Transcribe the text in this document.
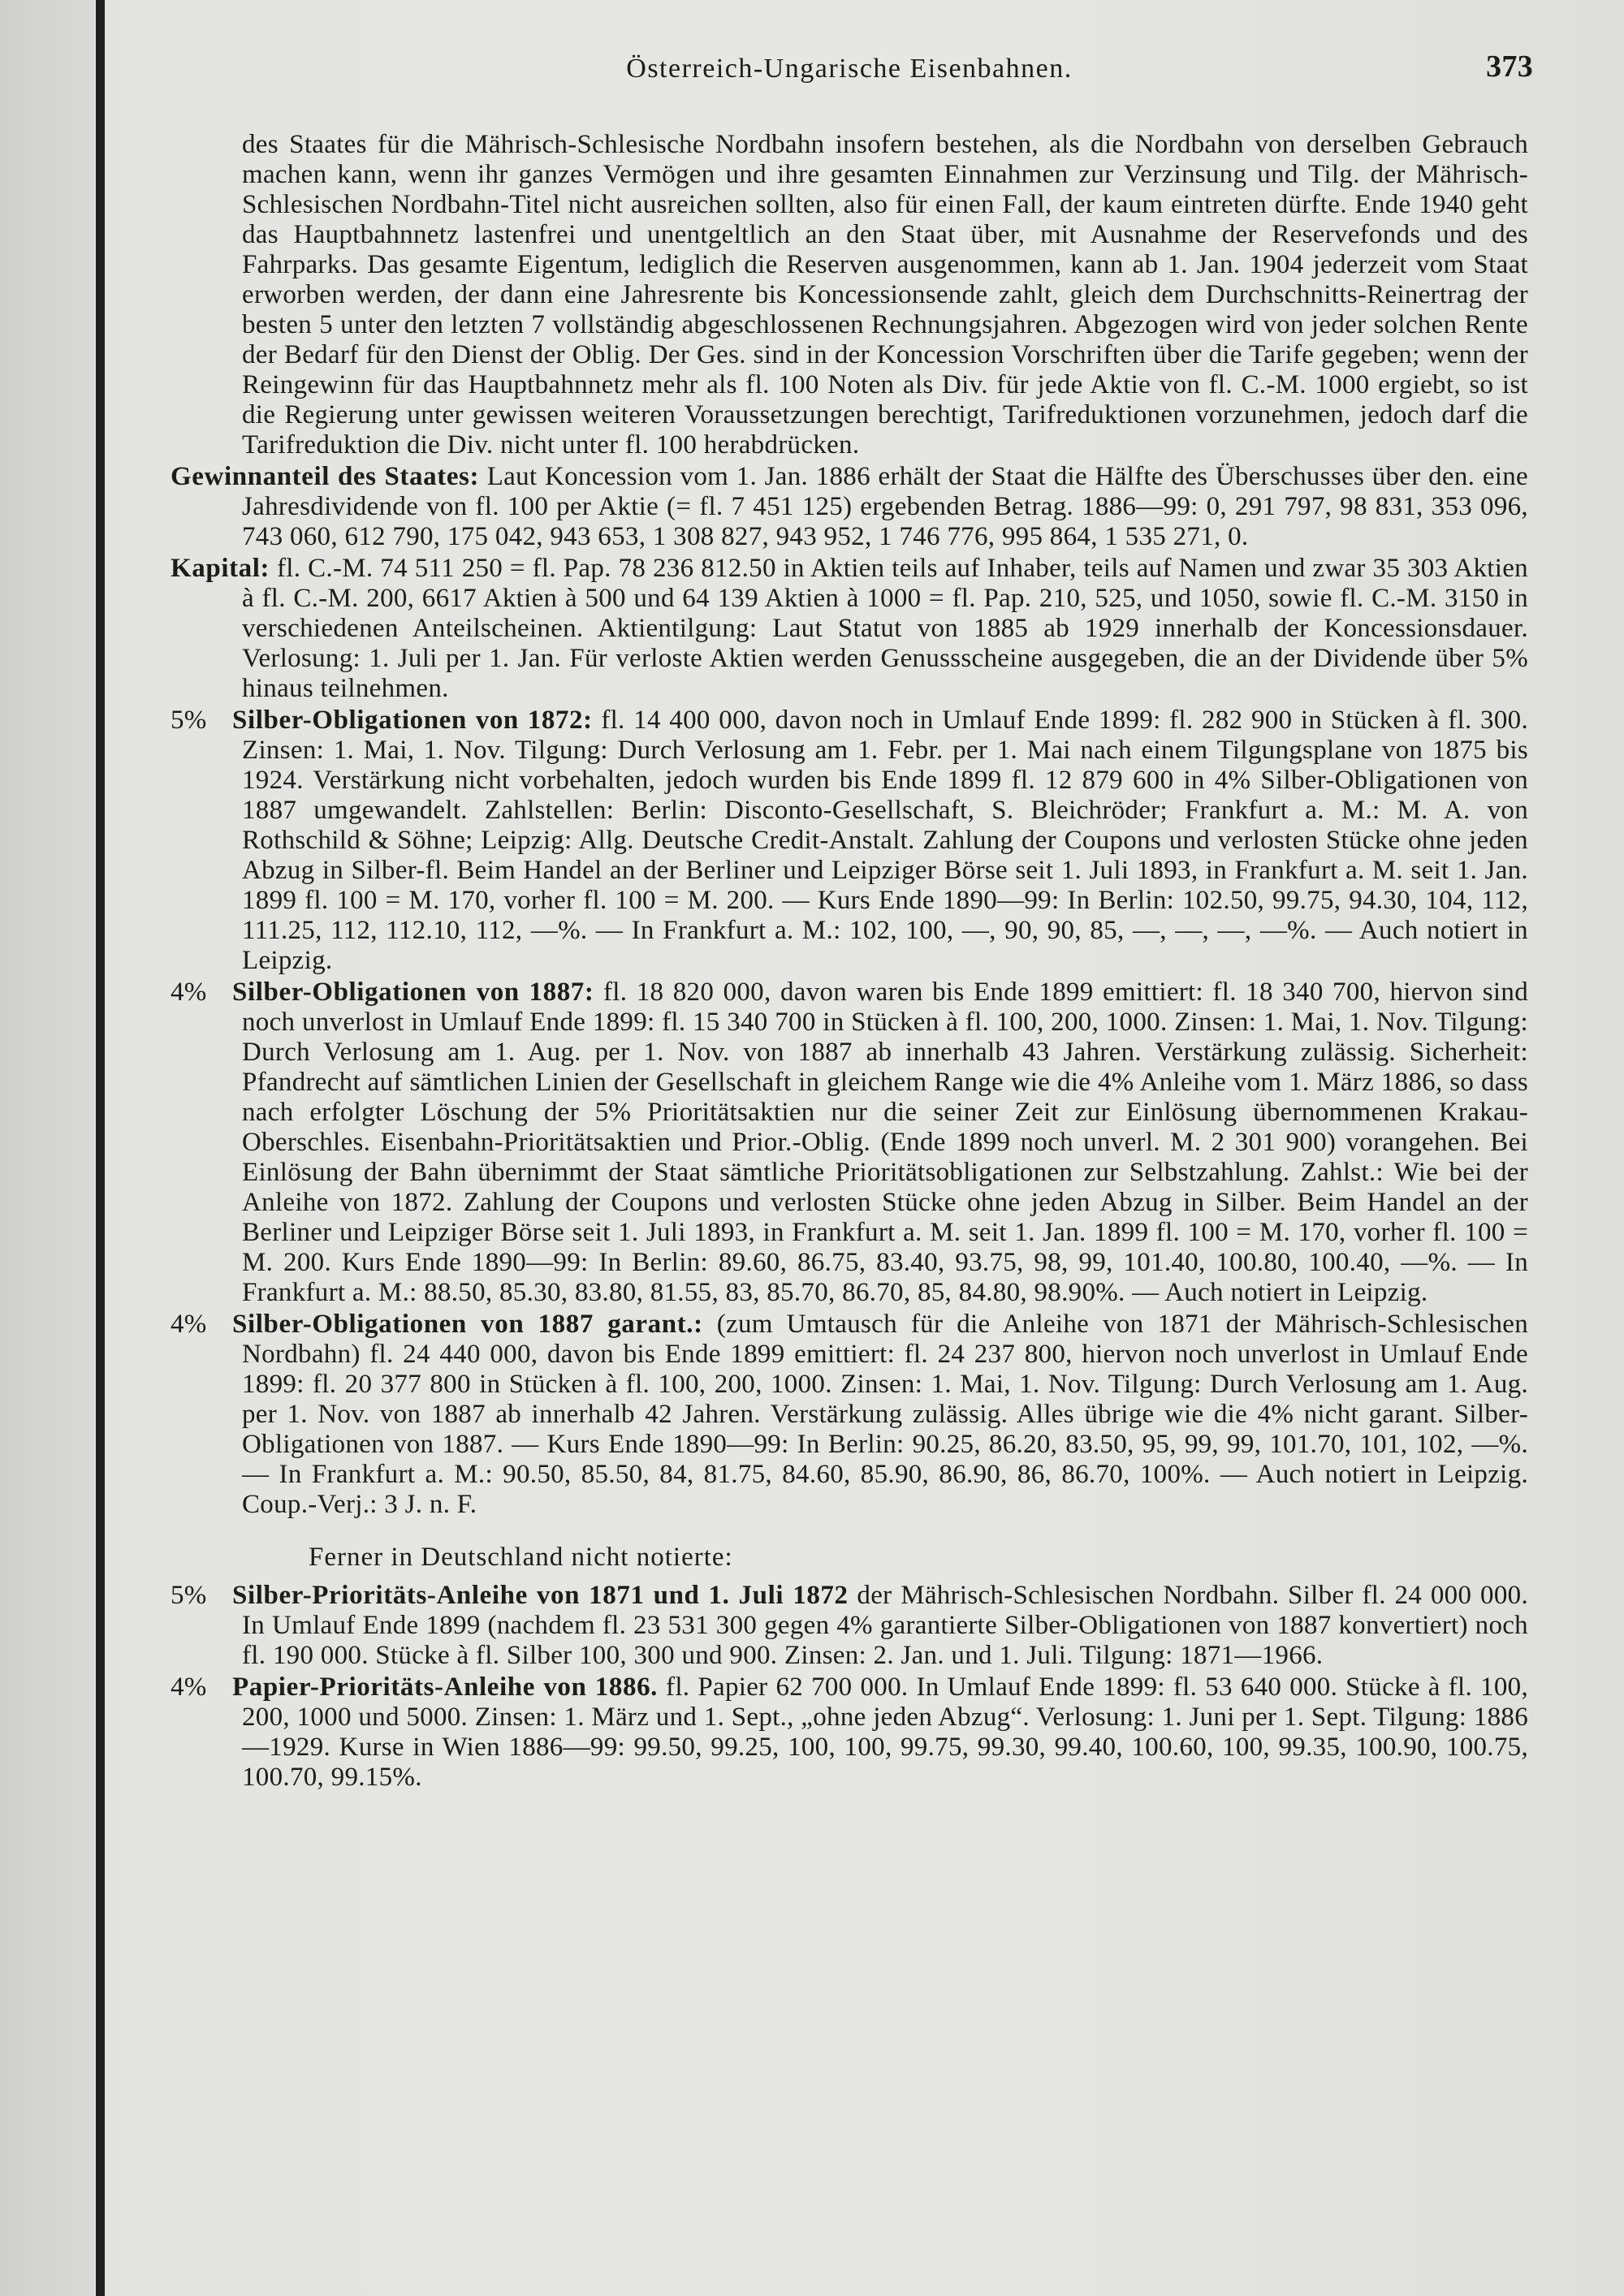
Österreich-Ungarische Eisenbahnen.	373

des Staates für die Mährisch-Schlesische Nordbahn insofern bestehen, als die Nordbahn von derselben Gebrauch machen kann, wenn ihr ganzes Vermögen und ihre gesamten Einnahmen zur Verzinsung und Tilg. der Mährisch-Schlesischen Nordbahn-Titel nicht ausreichen sollten, also für einen Fall, der kaum eintreten dürfte. Ende 1940 geht das Hauptbahnnetz lastenfrei und unentgeltlich an den Staat über, mit Ausnahme der Reservefonds und des Fahrparks. Das gesamte Eigentum, lediglich die Reserven ausgenommen, kann ab 1. Jan. 1904 jederzeit vom Staat erworben werden, der dann eine Jahresrente bis Koncessionsende zahlt, gleich dem Durchschnitts-Reinertrag der besten 5 unter den letzten 7 vollständig abgeschlossenen Rechnungsjahren. Abgezogen wird von jeder solchen Rente der Bedarf für den Dienst der Oblig. Der Ges. sind in der Koncession Vorschriften über die Tarife gegeben; wenn der Reingewinn für das Hauptbahnnetz mehr als fl. 100 Noten als Div. für jede Aktie von fl. C.-M. 1000 ergiebt, so ist die Regierung unter gewissen weiteren Voraussetzungen berechtigt, Tarifreduktionen vorzunehmen, jedoch darf die Tarifreduktion die Div. nicht unter fl. 100 herabdrücken.

Gewinnanteil des Staates: Laut Koncession vom 1. Jan. 1886 erhält der Staat die Hälfte des Überschusses über den. eine Jahresdividende von fl. 100 per Aktie (= fl. 7 451 125) ergebenden Betrag. 1886—99: 0, 291 797, 98 831, 353 096, 743 060, 612 790, 175 042, 943 653, 1 308 827, 943 952, 1 746 776, 995 864, 1 535 271, 0.

Kapital: fl. C.-M. 74 511 250 = fl. Pap. 78 236 812.50 in Aktien teils auf Inhaber, teils auf Namen und zwar 35 303 Aktien à fl. C.-M. 200, 6617 Aktien à 500 und 64 139 Aktien à 1000 = fl. Pap. 210, 525, und 1050, sowie fl. C.-M. 3150 in verschiedenen Anteilscheinen. Aktientilgung: Laut Statut von 1885 ab 1929 innerhalb der Koncessionsdauer. Verlosung: 1. Juli per 1. Jan. Für verloste Aktien werden Genussscheine ausgegeben, die an der Dividende über 5% hinaus teilnehmen.

5% Silber-Obligationen von 1872: fl. 14 400 000, davon noch in Umlauf Ende 1899: fl. 282 900 in Stücken à fl. 300. Zinsen: 1. Mai, 1. Nov. Tilgung: Durch Verlosung am 1. Febr. per 1. Mai nach einem Tilgungsplane von 1875 bis 1924. Verstärkung nicht vorbehalten, jedoch wurden bis Ende 1899 fl. 12 879 600 in 4% Silber-Obligationen von 1887 umgewandelt. Zahlstellen: Berlin: Disconto-Gesellschaft, S. Bleichröder; Frankfurt a. M.: M. A. von Rothschild & Söhne; Leipzig: Allg. Deutsche Credit-Anstalt. Zahlung der Coupons und verlosten Stücke ohne jeden Abzug in Silber-fl. Beim Handel an der Berliner und Leipziger Börse seit 1. Juli 1893, in Frankfurt a. M. seit 1. Jan. 1899 fl. 100 = M. 170, vorher fl. 100 = M. 200. — Kurs Ende 1890—99: In Berlin: 102.50, 99.75, 94.30, 104, 112, 111.25, 112, 112.10, 112, —%. — In Frankfurt a. M.: 102, 100, —, 90, 90, 85, —, —, —, —%. — Auch notiert in Leipzig.

4% Silber-Obligationen von 1887: fl. 18 820 000, davon waren bis Ende 1899 emittiert: fl. 18 340 700, hiervon sind noch unverlost in Umlauf Ende 1899: fl. 15 340 700 in Stücken à fl. 100, 200, 1000. Zinsen: 1. Mai, 1. Nov. Tilgung: Durch Verlosung am 1. Aug. per 1. Nov. von 1887 ab innerhalb 43 Jahren. Verstärkung zulässig. Sicherheit: Pfandrecht auf sämtlichen Linien der Gesellschaft in gleichem Range wie die 4% Anleihe vom 1. März 1886, so dass nach erfolgter Löschung der 5% Prioritätsaktien nur die seiner Zeit zur Einlösung übernommenen Krakau-Oberschles. Eisenbahn-Prioritätsaktien und Prior.-Oblig. (Ende 1899 noch unverl. M. 2 301 900) vorangehen. Bei Einlösung der Bahn übernimmt der Staat sämtliche Prioritätsobligationen zur Selbstzahlung. Zahlst.: Wie bei der Anleihe von 1872. Zahlung der Coupons und verlosten Stücke ohne jeden Abzug in Silber. Beim Handel an der Berliner und Leipziger Börse seit 1. Juli 1893, in Frankfurt a. M. seit 1. Jan. 1899 fl. 100 = M. 170, vorher fl. 100 = M. 200. Kurs Ende 1890—99: In Berlin: 89.60, 86.75, 83.40, 93.75, 98, 99, 101.40, 100.80, 100.40, —%. — In Frankfurt a. M.: 88.50, 85.30, 83.80, 81.55, 83, 85.70, 86.70, 85, 84.80, 98.90%. — Auch notiert in Leipzig.

4% Silber-Obligationen von 1887 garant.: (zum Umtausch für die Anleihe von 1871 der Mährisch-Schlesischen Nordbahn) fl. 24 440 000, davon bis Ende 1899 emittiert: fl. 24 237 800, hiervon noch unverlost in Umlauf Ende 1899: fl. 20 377 800 in Stücken à fl. 100, 200, 1000. Zinsen: 1. Mai, 1. Nov. Tilgung: Durch Verlosung am 1. Aug. per 1. Nov. von 1887 ab innerhalb 42 Jahren. Verstärkung zulässig. Alles übrige wie die 4% nicht garant. Silber-Obligationen von 1887. — Kurs Ende 1890—99: In Berlin: 90.25, 86.20, 83.50, 95, 99, 99, 101.70, 101, 102, —%. — In Frankfurt a. M.: 90.50, 85.50, 84, 81.75, 84.60, 85.90, 86.90, 86, 86.70, 100%. — Auch notiert in Leipzig. Coup.-Verj.: 3 J. n. F.

Ferner in Deutschland nicht notierte:

5% Silber-Prioritäts-Anleihe von 1871 und 1. Juli 1872 der Mährisch-Schlesischen Nordbahn. Silber fl. 24 000 000. In Umlauf Ende 1899 (nachdem fl. 23 531 300 gegen 4% garantierte Silber-Obligationen von 1887 konvertiert) noch fl. 190 000. Stücke à fl. Silber 100, 300 und 900. Zinsen: 2. Jan. und 1. Juli. Tilgung: 1871—1966.

4% Papier-Prioritäts-Anleihe von 1886. fl. Papier 62 700 000. In Umlauf Ende 1899: fl. 53 640 000. Stücke à fl. 100, 200, 1000 und 5000. Zinsen: 1. März und 1. Sept., „ohne jeden Abzug“. Verlosung: 1. Juni per 1. Sept. Tilgung: 1886—1929. Kurse in Wien 1886—99: 99.50, 99.25, 100, 100, 99.75, 99.30, 99.40, 100.60, 100, 99.35, 100.90, 100.75, 100.70, 99.15%.
